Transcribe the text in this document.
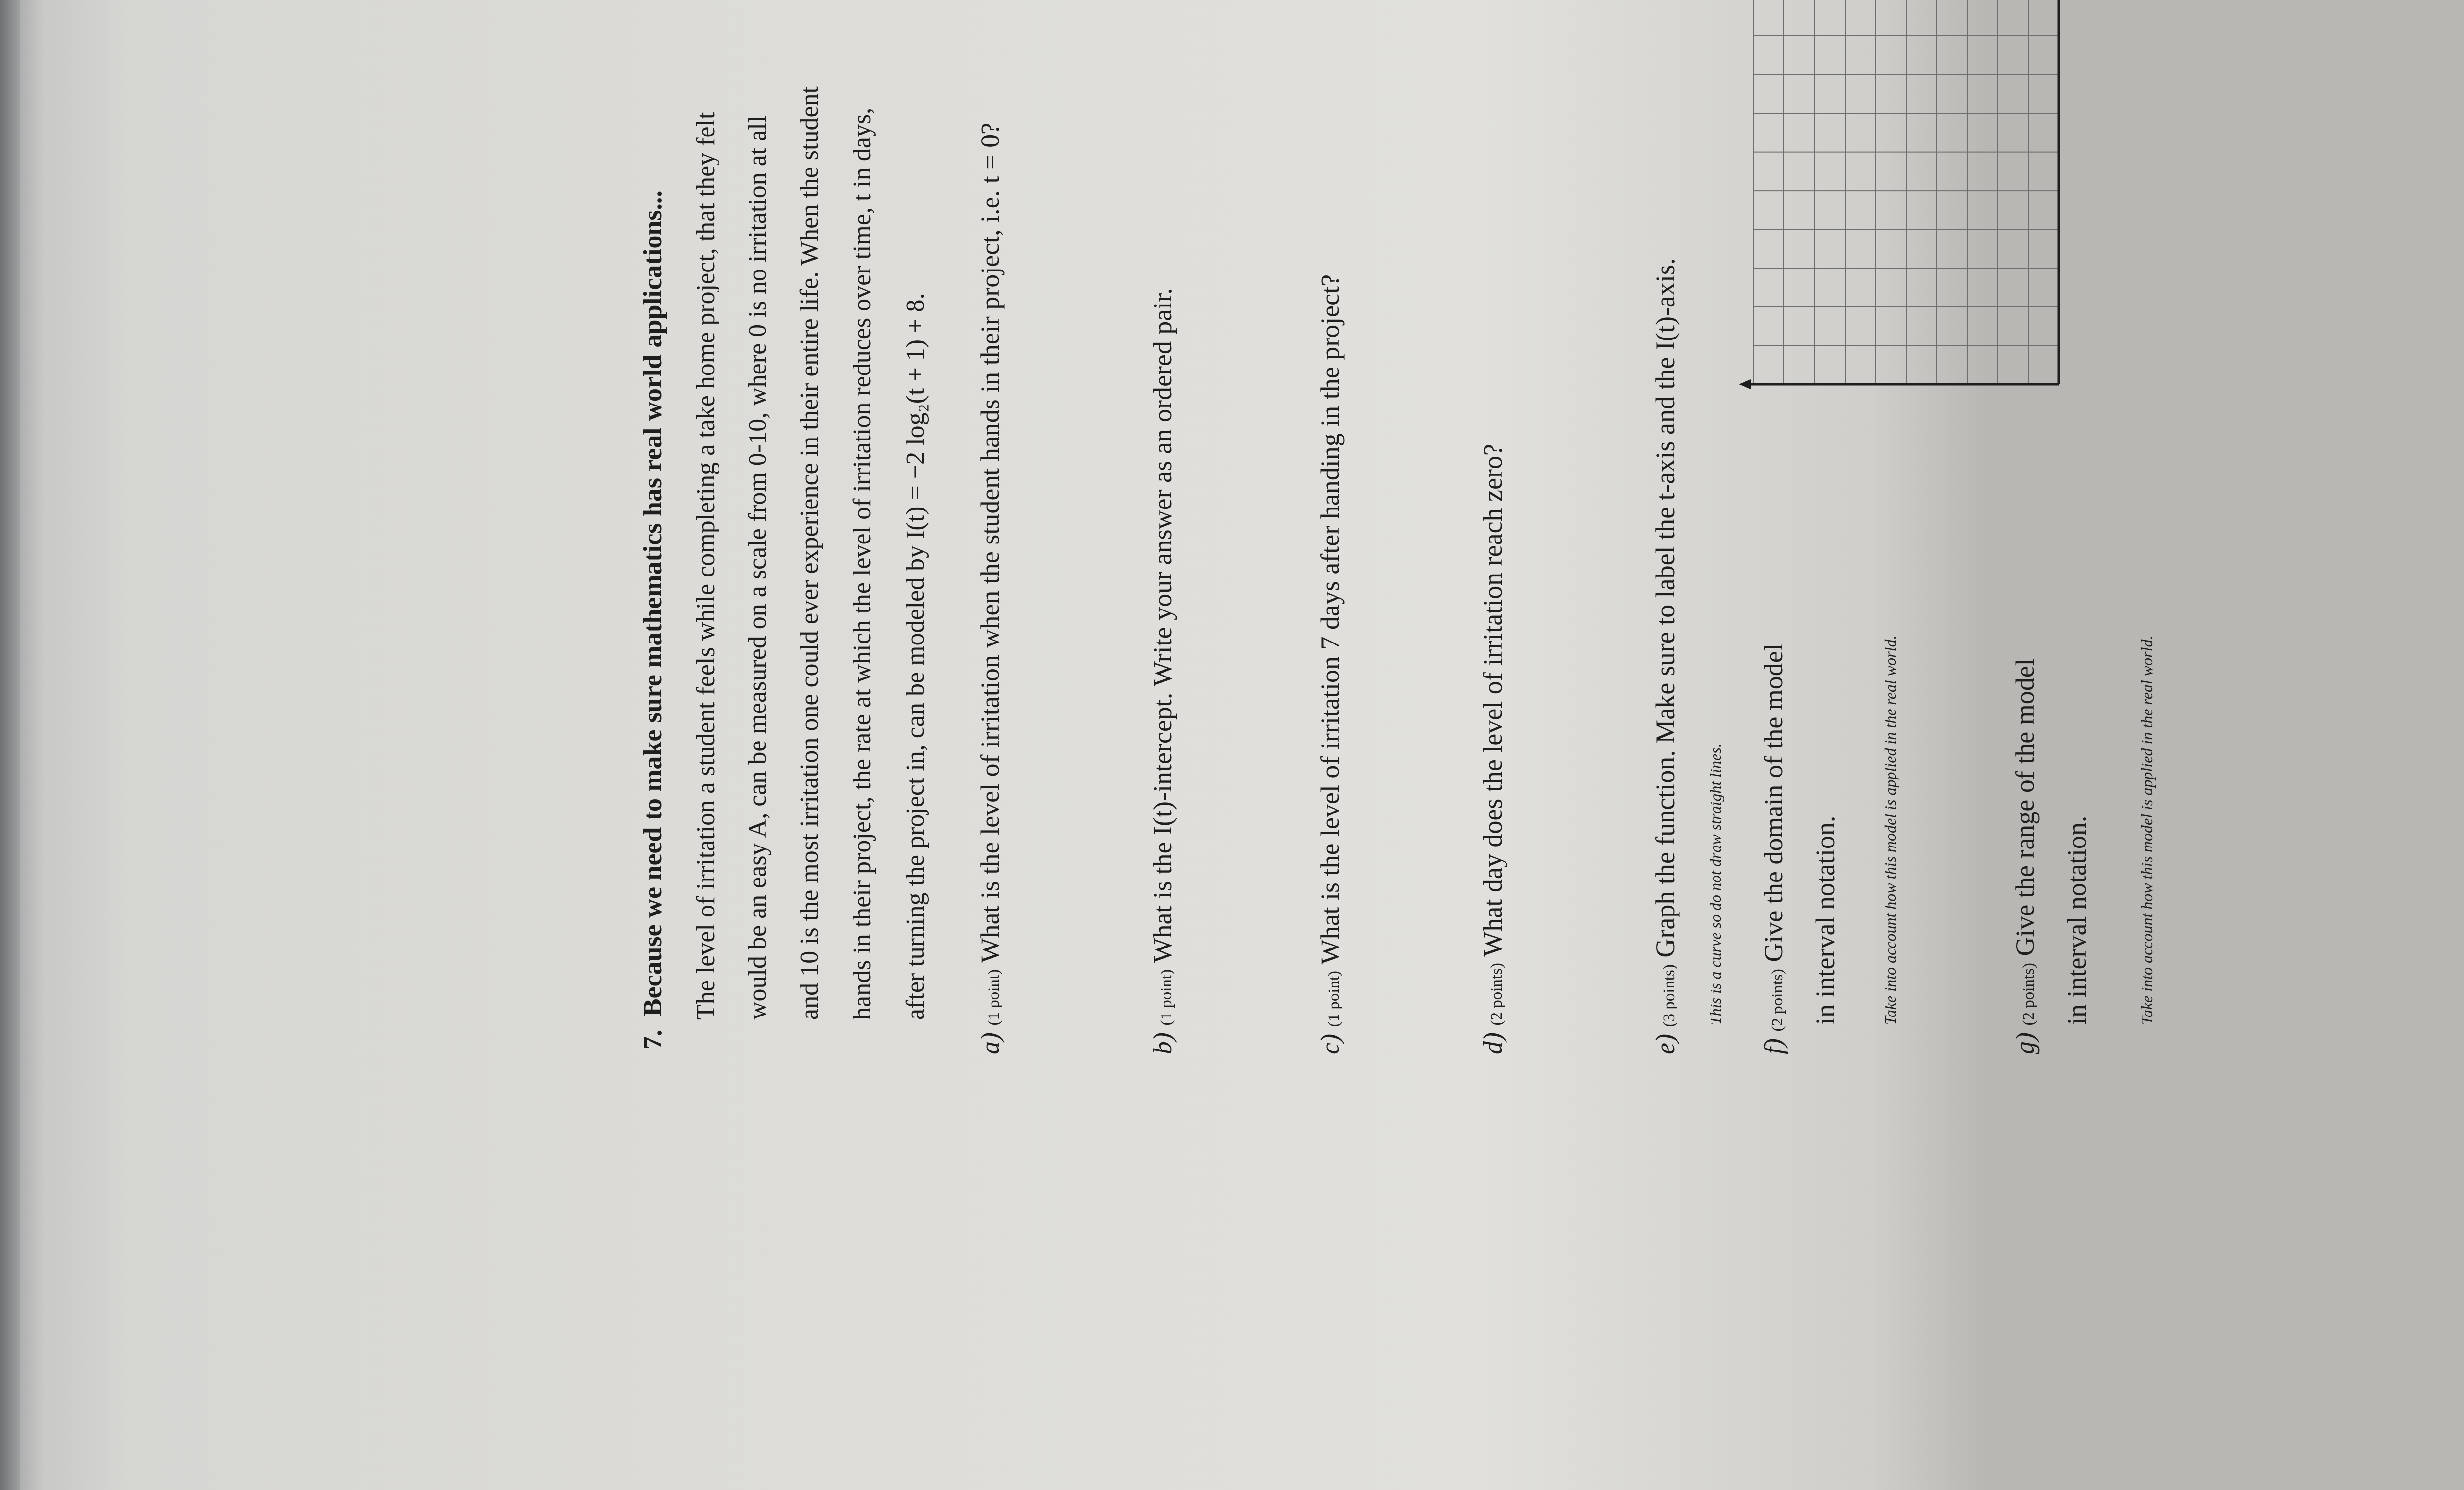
7.  Because we need to make sure mathematics has real world applications... The level of irritation a student feels while completing a take home project, that they felt would be an easy A, can be measured on a scale from 0-10, where 0 is no irritation at all and 10 is the most irritation one could ever experience in their entire life. When the student hands in their project, the rate at which the level of irritation reduces over time, t in days, after turning the project in, can be modeled by I(t) = −2 log₂(t + 1) + 8.
a) (1 point) What is the level of irritation when the student hands in their project, i.e. t = 0?
b) (1 point) What is the I(t)-intercept. Write your answer as an ordered pair.
c) (1 point) What is the level of irritation 7 days after handing in the project?
d) (2 points) What day does the level of irritation reach zero?
e) (3 points) Graph the function. Make sure to label the t-axis and the I(t)-axis. This is a curve so do not draw straight lines.
f) (2 points) Give the domain of the model in interval notation.	Take into account how this model is applied in the real world.
g) (2 points) Give the range of the model in interval notation.	Take into account how this model is applied in the real world.
